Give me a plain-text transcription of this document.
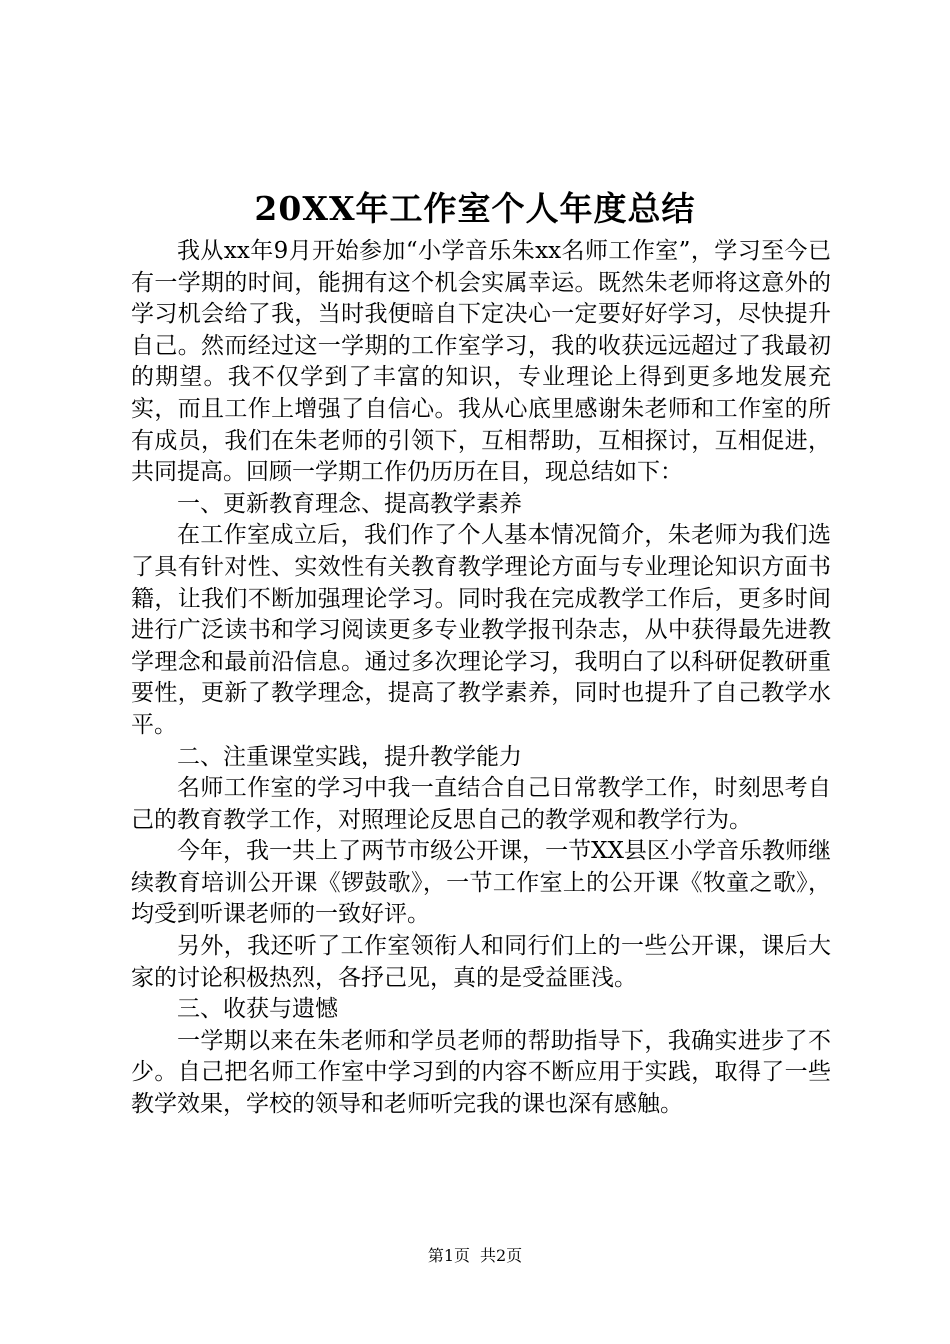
20XX年工作室个人年度总结

我从xx年9月开始参加“小学音乐朱xx名师工作室”，学习至今已有一学期的时间，能拥有这个机会实属幸运。既然朱老师将这意外的学习机会给了我，当时我便暗自下定决心一定要好好学习，尽快提升自己。然而经过这一学期的工作室学习，我的收获远远超过了我最初的期望。我不仅学到了丰富的知识，专业理论上得到更多地发展充实，而且工作上增强了自信心。我从心底里感谢朱老师和工作室的所有成员，我们在朱老师的引领下，互相帮助，互相探讨，互相促进，共同提高。回顾一学期工作仍历历在目，现总结如下：

一、更新教育理念、提高教学素养

在工作室成立后，我们作了个人基本情况简介，朱老师为我们选了具有针对性、实效性有关教育教学理论方面与专业理论知识方面书籍，让我们不断加强理论学习。同时我在完成教学工作后，更多时间进行广泛读书和学习阅读更多专业教学报刊杂志，从中获得最先进教学理念和最前沿信息。通过多次理论学习，我明白了以科研促教研重要性，更新了教学理念，提高了教学素养，同时也提升了自己教学水平。

二、注重课堂实践，提升教学能力

名师工作室的学习中我一直结合自己日常教学工作，时刻思考自己的教育教学工作，对照理论反思自己的教学观和教学行为。

今年，我一共上了两节市级公开课，一节XX县区小学音乐教师继续教育培训公开课《锣鼓歌》，一节工作室上的公开课《牧童之歌》，均受到听课老师的一致好评。

另外，我还听了工作室领衔人和同行们上的一些公开课，课后大家的讨论积极热烈，各抒己见，真的是受益匪浅。

三、收获与遗憾

一学期以来在朱老师和学员老师的帮助指导下，我确实进步了不少。自己把名师工作室中学习到的内容不断应用于实践，取得了一些教学效果，学校的领导和老师听完我的课也深有感触。

第1页 共2页
